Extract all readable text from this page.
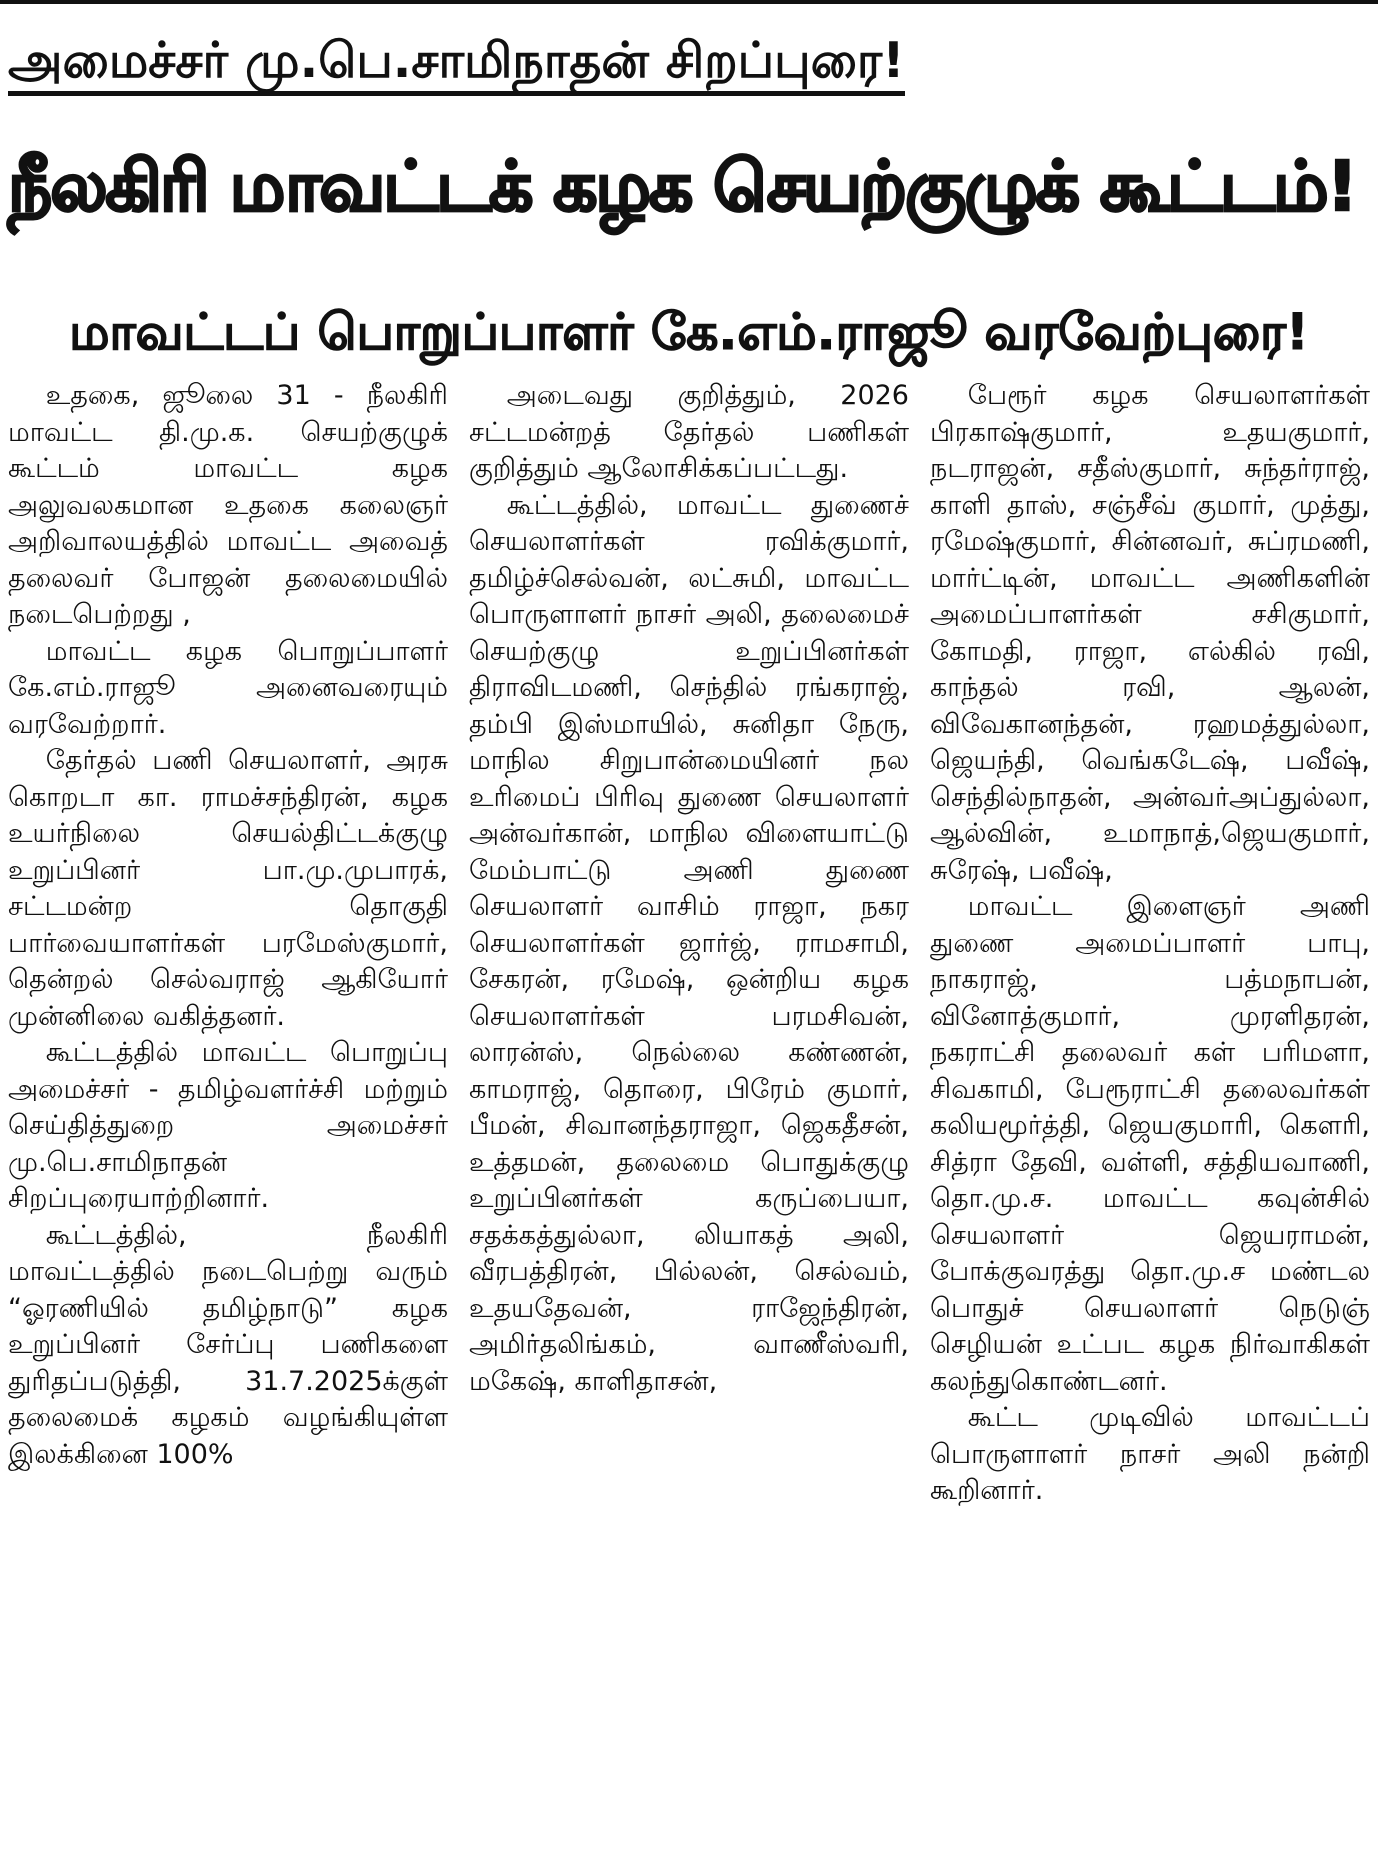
அமைச்சர் மு.பெ.சாமிநாதன் சிறப்புரை!
நீலகிரி மாவட்டக் கழக செயற்குழுக் கூட்டம்!
மாவட்டப் பொறுப்பாளர் கே.எம்.ராஜூ வரவேற்புரை!

உதகை, ஜூலை 31 - நீலகிரி மாவட்ட தி.மு.க. செயற்குழுக் கூட்டம் மாவட்ட கழக அலுவலகமான உதகை கலைஞர் அறிவாலயத்தில் மாவட்ட அவைத் தலைவர் போஜன் தலைமையில் நடைபெற்றது ,

மாவட்ட கழக பொறுப்பாளர் கே.எம்.ராஜூ அனைவரையும் வரவேற்றார்.

தேர்தல் பணி செயலாளர், அரசு கொறடா கா. ராமச்சந்திரன், கழக உயர்நிலை செயல்திட்டக்குழு உறுப்பினர் பா.மு.முபாரக், சட்டமன்ற தொகுதி பார்வையாளர்கள் பரமேஸ்குமார், தென்றல் செல்வராஜ் ஆகியோர் முன்னிலை வகித்தனர்.

கூட்டத்தில் மாவட்ட பொறுப்பு அமைச்சர் - தமிழ்வளர்ச்சி மற்றும் செய்தித்துறை அமைச்சர் மு.பெ.சாமிநாதன் சிறப்புரையாற்றினார்.

கூட்டத்தில், நீலகிரி மாவட்டத்தில் நடைபெற்று வரும் “ஓரணியில் தமிழ்நாடு” கழக உறுப்பினர் சேர்ப்பு பணிகளை துரிதப்படுத்தி, 31.7.2025க்குள் தலைமைக் கழகம் வழங்கியுள்ள இலக்கினை 100%

அடைவது குறித்தும், 2026 சட்டமன்றத் தேர்தல் பணிகள் குறித்தும் ஆலோசிக்கப்பட்டது.

கூட்டத்தில், மாவட்ட துணைச் செயலாளர்கள் ரவிக்குமார், தமிழ்ச்செல்வன், லட்சுமி, மாவட்ட பொருளாளர் நாசர் அலி, தலைமைச் செயற்குழு உறுப்பினர்கள் திராவிடமணி, செந்தில் ரங்கராஜ், தம்பி இஸ்மாயில், சுனிதா நேரு, மாநில சிறுபான்மையினர் நல உரிமைப் பிரிவு துணை செயலாளர் அன்வர்கான், மாநில விளையாட்டு மேம்பாட்டு அணி துணை செயலாளர் வாசிம் ராஜா, நகர செயலாளர்கள் ஜார்ஜ், ராமசாமி, சேகரன், ரமேஷ், ஒன்றிய கழக செயலாளர்கள் பரமசிவன், லாரன்ஸ், நெல்லை கண்ணன், காமராஜ், தொரை, பிரேம் குமார், பீமன், சிவானந்தராஜா, ஜெகதீசன், உத்தமன், தலைமை பொதுக்குழு உறுப்பினர்கள் கருப்பையா, சதக்கத்துல்லா, லியாகத் அலி, வீரபத்திரன், பில்லன், செல்வம், உதயதேவன், ராஜேந்திரன், அமிர்தலிங்கம், வாணீஸ்வரி, மகேஷ், காளிதாசன்,

பேரூர் கழக செயலாளர்கள் பிரகாஷ்குமார், உதயகுமார், நடராஜன், சதீஸ்குமார், சுந்தர்ராஜ், காளி தாஸ், சஞ்சீவ் குமார், முத்து, ரமேஷ்குமார், சின்னவர், சுப்ரமணி, மார்ட்டின், மாவட்ட அணிகளின் அமைப்பாளர்கள் சசிகுமார், கோமதி, ராஜா, எல்கில் ரவி, காந்தல் ரவி, ஆலன், விவேகானந்தன், ரஹமத்துல்லா, ஜெயந்தி, வெங்கடேஷ், பவீஷ், செந்தில்நாதன், அன்வர்அப்துல்லா, ஆல்வின், உமாநாத்,ஜெயகுமார், சுரேஷ், பவீஷ்,

மாவட்ட இளைஞர் அணி துணை அமைப்பாளர் பாபு, நாகராஜ், பத்மநாபன், வினோத்குமார், முரளிதரன், நகராட்சி தலைவர் கள் பரிமளா, சிவகாமி, பேரூராட்சி தலைவர்கள் கலியமூர்த்தி, ஜெயகுமாரி, கௌரி, சித்ரா தேவி, வள்ளி, சத்தியவாணி, தொ.மு.ச. மாவட்ட கவுன்சில் செயலாளர் ஜெயராமன், போக்குவரத்து தொ.மு.ச மண்டல பொதுச் செயலாளர் நெடுஞ் செழியன் உட்பட கழக நிர்வாகிகள் கலந்துகொண்டனர்.

கூட்ட முடிவில் மாவட்டப் பொருளாளர் நாசர் அலி நன்றி கூறினார்.
